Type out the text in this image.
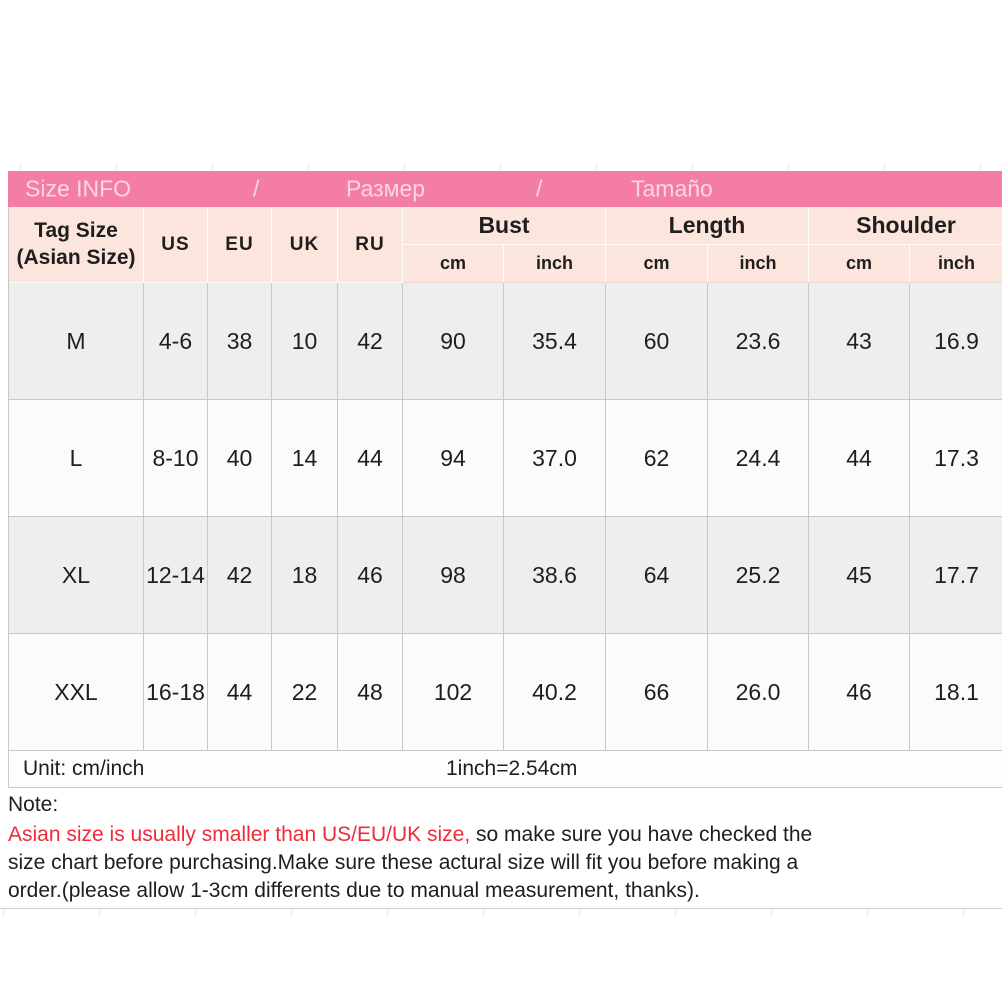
Size INFO	/	Размер	/	Tamaño
Tag Size
(Asian Size)	US	EU	UK	RU	Bust		Length		Shoulder	
					cm	inch	cm	inch	cm	inch
M	4-6	38	10	42	90	35.4	60	23.6	43	16.9
L	8-10	40	14	44	94	37.0	62	24.4	44	17.3
XL	12-14	42	18	46	98	38.6	64	25.2	45	17.7
XXL	16-18	44	22	48	102	40.2	66	26.0	46	18.1
Unit: cm/inch	1inch=2.54cm
Note:
Asian size is usually smaller than US/EU/UK size, so make sure you have checked the
size chart before purchasing.Make sure these actural size will fit you before making a
order.(please allow 1-3cm differents due to manual measurement, thanks).
